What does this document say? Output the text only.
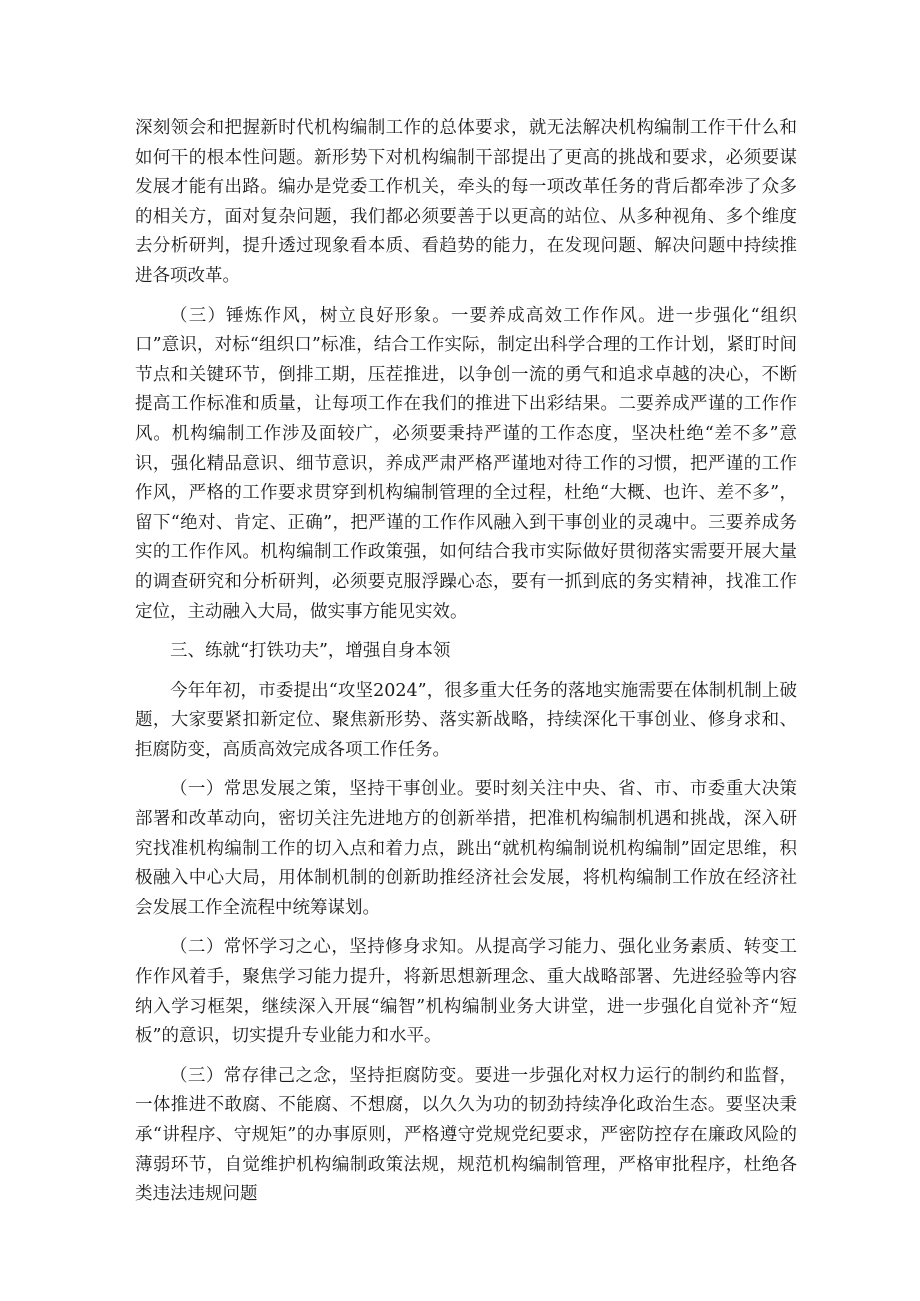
深刻领会和把握新时代机构编制工作的总体要求，就无法解决机构编制工作干什么和如何干的根本性问题。新形势下对机构编制干部提出了更高的挑战和要求，必须要谋发展才能有出路。编办是党委工作机关，牵头的每一项改革任务的背后都牵涉了众多的相关方，面对复杂问题，我们都必须要善于以更高的站位、从多种视角、多个维度去分析研判，提升透过现象看本质、看趋势的能力，在发现问题、解决问题中持续推进各项改革。

（三）锤炼作风，树立良好形象。一要养成高效工作作风。进一步强化“组织口”意识，对标“组织口”标准，结合工作实际，制定出科学合理的工作计划，紧盯时间节点和关键环节，倒排工期，压茬推进，以争创一流的勇气和追求卓越的决心，不断提高工作标准和质量，让每项工作在我们的推进下出彩结果。二要养成严谨的工作作风。机构编制工作涉及面较广，必须要秉持严谨的工作态度，坚决杜绝“差不多”意识，强化精品意识、细节意识，养成严肃严格严谨地对待工作的习惯，把严谨的工作作风，严格的工作要求贯穿到机构编制管理的全过程，杜绝“大概、也许、差不多”，留下“绝对、肯定、正确”，把严谨的工作作风融入到干事创业的灵魂中。三要养成务实的工作作风。机构编制工作政策强，如何结合我市实际做好贯彻落实需要开展大量的调查研究和分析研判，必须要克服浮躁心态，要有一抓到底的务实精神，找准工作定位，主动融入大局，做实事方能见实效。

三、练就“打铁功夫”，增强自身本领

今年年初，市委提出“攻坚2024”，很多重大任务的落地实施需要在体制机制上破题，大家要紧扣新定位、聚焦新形势、落实新战略，持续深化干事创业、修身求和、拒腐防变，高质高效完成各项工作任务。

（一）常思发展之策，坚持干事创业。要时刻关注中央、省、市、市委重大决策部署和改革动向，密切关注先进地方的创新举措，把准机构编制机遇和挑战，深入研究找准机构编制工作的切入点和着力点，跳出“就机构编制说机构编制”固定思维，积极融入中心大局，用体制机制的创新助推经济社会发展，将机构编制工作放在经济社会发展工作全流程中统筹谋划。

（二）常怀学习之心，坚持修身求知。从提高学习能力、强化业务素质、转变工作作风着手，聚焦学习能力提升，将新思想新理念、重大战略部署、先进经验等内容纳入学习框架，继续深入开展“编智”机构编制业务大讲堂，进一步强化自觉补齐“短板”的意识，切实提升专业能力和水平。

（三）常存律己之念，坚持拒腐防变。要进一步强化对权力运行的制约和监督，一体推进不敢腐、不能腐、不想腐，以久久为功的韧劲持续净化政治生态。要坚决秉承“讲程序、守规矩”的办事原则，严格遵守党规党纪要求，严密防控存在廉政风险的薄弱环节，自觉维护机构编制政策法规，规范机构编制管理，严格审批程序，杜绝各类违法违规问题
